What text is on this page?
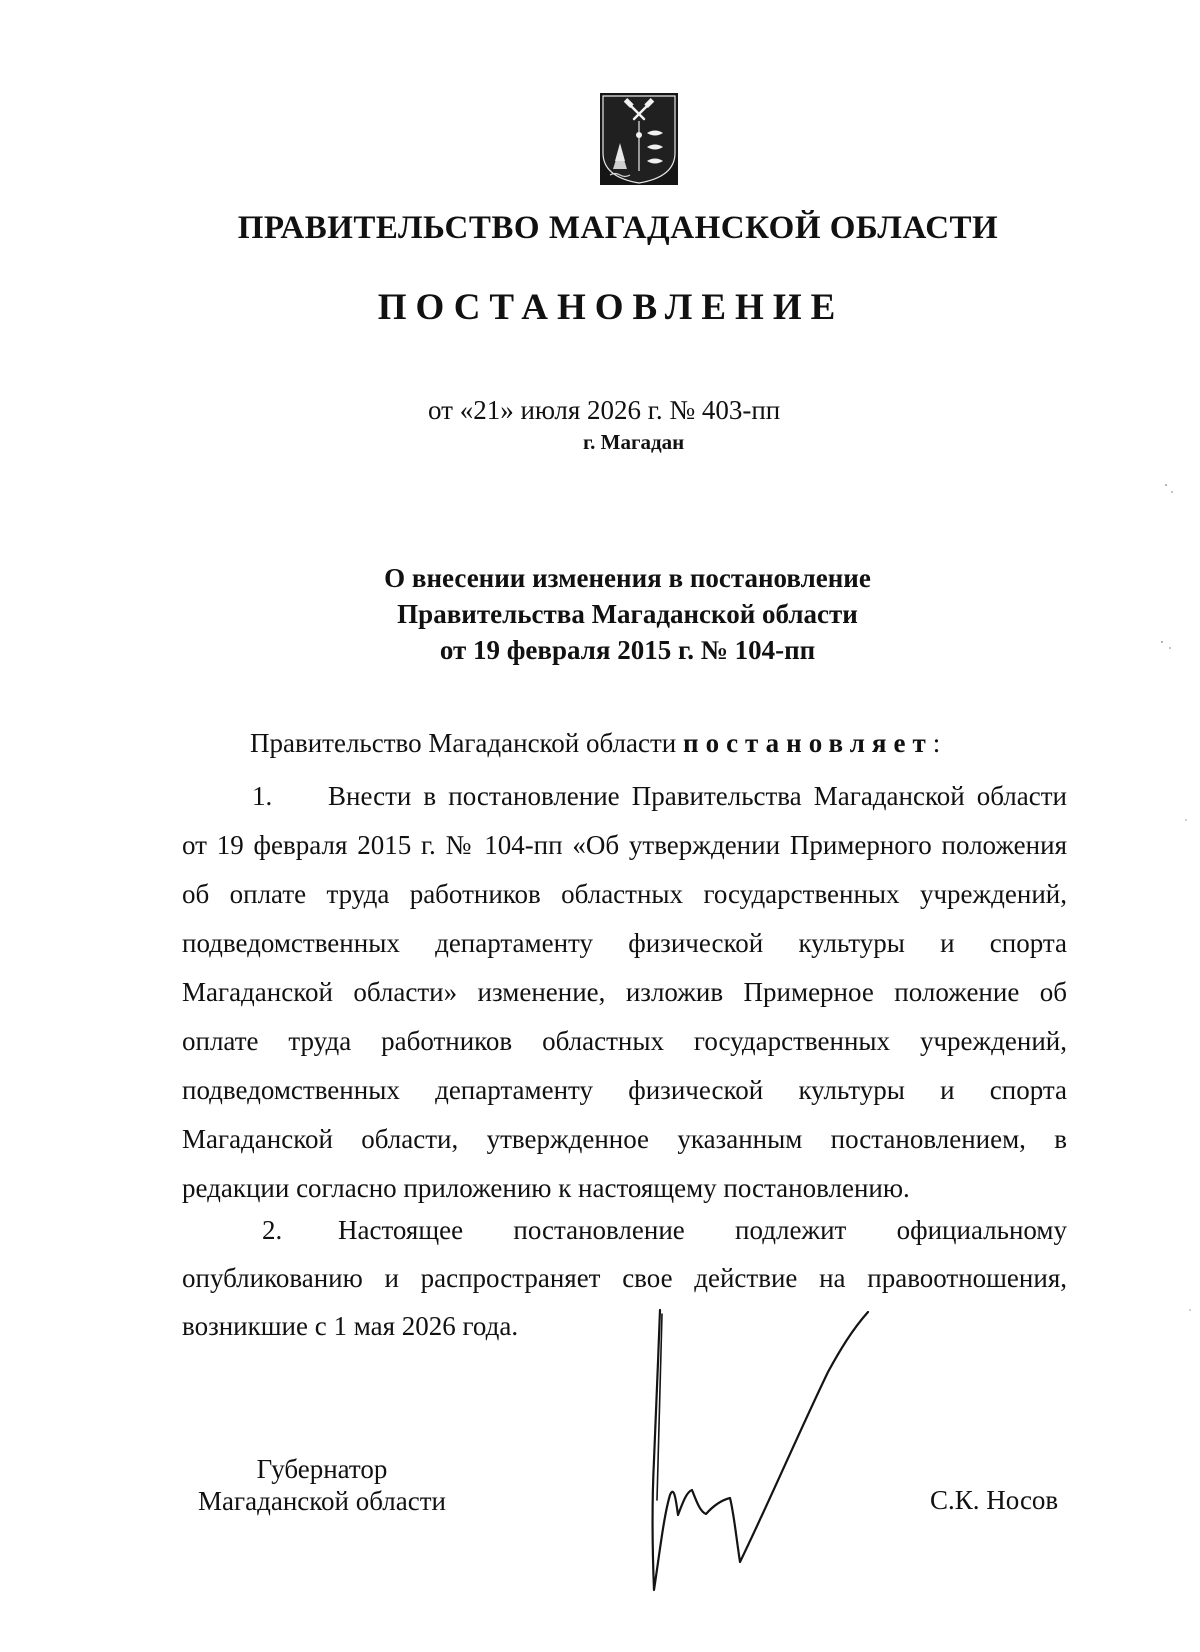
ПРАВИТЕЛЬСТВО МАГАДАНСКОЙ ОБЛАСТИ
ПОСТАНОВЛЕНИЕ
от «21» июля 2026 г. № 403-пп
г. Магадан
О внесении изменения в постановление
Правительства Магаданской области
от 19 февраля 2015 г. № 104-пп
Правительство Магаданской области постановляет:
1. Внести в постановление Правительства Магаданской области от 19 февраля 2015 г. № 104-пп «Об утверждении Примерного положения об оплате труда работников областных государственных учреждений, подведомственных департаменту физической культуры и спорта Магаданской области» изменение, изложив Примерное положение об оплате труда работников областных государственных учреждений, подведомственных департаменту физической культуры и спорта Магаданской области, утвержденное указанным постановлением, в редакции согласно приложению к настоящему постановлению.
2. Настоящее постановление подлежит официальному опубликованию и распространяет свое действие на правоотношения, возникшие с 1 мая 2026 года.
Губернатор
Магаданской области	С.К. Носов
